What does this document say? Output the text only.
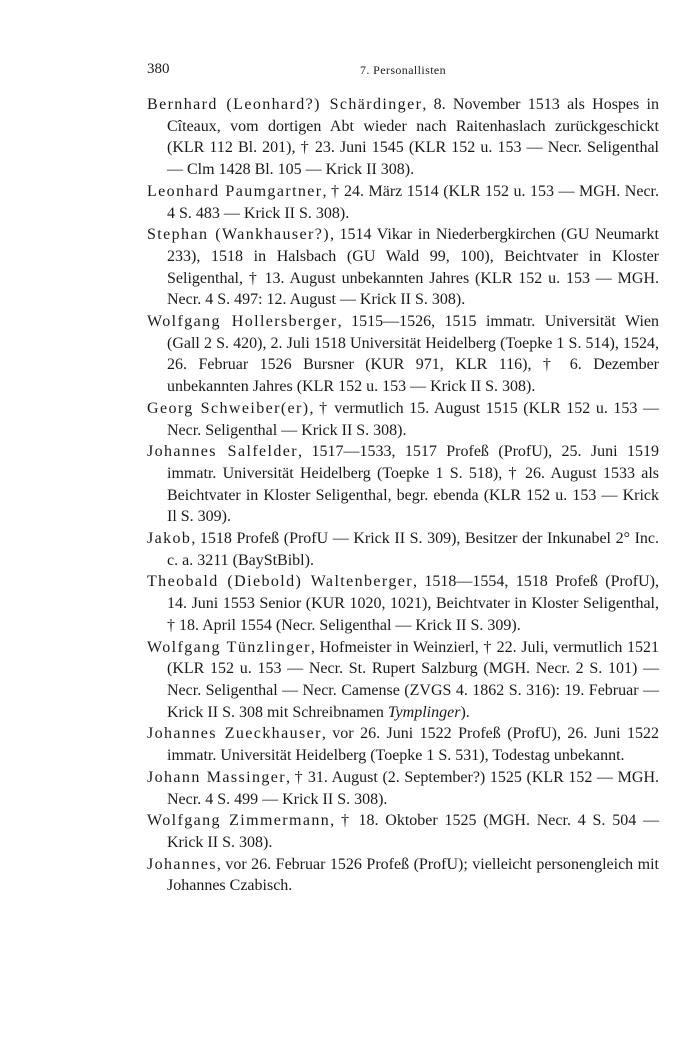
380	7. Personallisten

Bernhard (Leonhard?) Schärdinger, 8. November 1513 als Hospes in Cîteaux, vom dortigen Abt wieder nach Raitenhaslach zurückgeschickt (KLR 112 Bl. 201), † 23. Juni 1545 (KLR 152 u. 153 — Necr. Seligenthal — Clm 1428 Bl. 105 — Krick II 308).

Leonhard Paumgartner, † 24. März 1514 (KLR 152 u. 153 — MGH. Necr. 4 S. 483 — Krick II S. 308).

Stephan (Wankhauser?), 1514 Vikar in Niederbergkirchen (GU Neumarkt 233), 1518 in Halsbach (GU Wald 99, 100), Beichtvater in Kloster Seligenthal, † 13. August unbekannten Jahres (KLR 152 u. 153 — MGH. Necr. 4 S. 497: 12. August — Krick II S. 308).

Wolfgang Hollersberger, 1515—1526, 1515 immatr. Universität Wien (Gall 2 S. 420), 2. Juli 1518 Universität Heidelberg (Toepke 1 S. 514), 1524, 26. Februar 1526 Bursner (KUR 971, KLR 116), † 6. Dezember unbekannten Jahres (KLR 152 u. 153 — Krick II S. 308).

Georg Schweiber(er), † vermutlich 15. August 1515 (KLR 152 u. 153 — Necr. Seligenthal — Krick II S. 308).

Johannes Salfelder, 1517—1533, 1517 Profeß (ProfU), 25. Juni 1519 immatr. Universität Heidelberg (Toepke 1 S. 518), † 26. August 1533 als Beichtvater in Kloster Seligenthal, begr. ebenda (KLR 152 u. 153 — Krick Il S. 309).

Jakob, 1518 Profeß (ProfU — Krick II S. 309), Besitzer der Inkunabel 2° Inc. c. a. 3211 (BayStBibl).

Theobald (Diebold) Waltenberger, 1518—1554, 1518 Profeß (ProfU), 14. Juni 1553 Senior (KUR 1020, 1021), Beichtvater in Kloster Seligenthal, † 18. April 1554 (Necr. Seligenthal — Krick II S. 309).

Wolfgang Tünzlinger, Hofmeister in Weinzierl, † 22. Juli, vermutlich 1521 (KLR 152 u. 153 — Necr. St. Rupert Salzburg (MGH. Necr. 2 S. 101) — Necr. Seligenthal — Necr. Camense (ZVGS 4. 1862 S. 316): 19. Februar — Krick II S. 308 mit Schreibnamen Tymplinger).

Johannes Zueckhauser, vor 26. Juni 1522 Profeß (ProfU), 26. Juni 1522 immatr. Universität Heidelberg (Toepke 1 S. 531), Todestag unbekannt.

Johann Massinger, † 31. August (2. September?) 1525 (KLR 152 — MGH. Necr. 4 S. 499 — Krick II S. 308).

Wolfgang Zimmermann, † 18. Oktober 1525 (MGH. Necr. 4 S. 504 — Krick II S. 308).

Johannes, vor 26. Februar 1526 Profeß (ProfU); vielleicht personengleich mit Johannes Czabisch.
